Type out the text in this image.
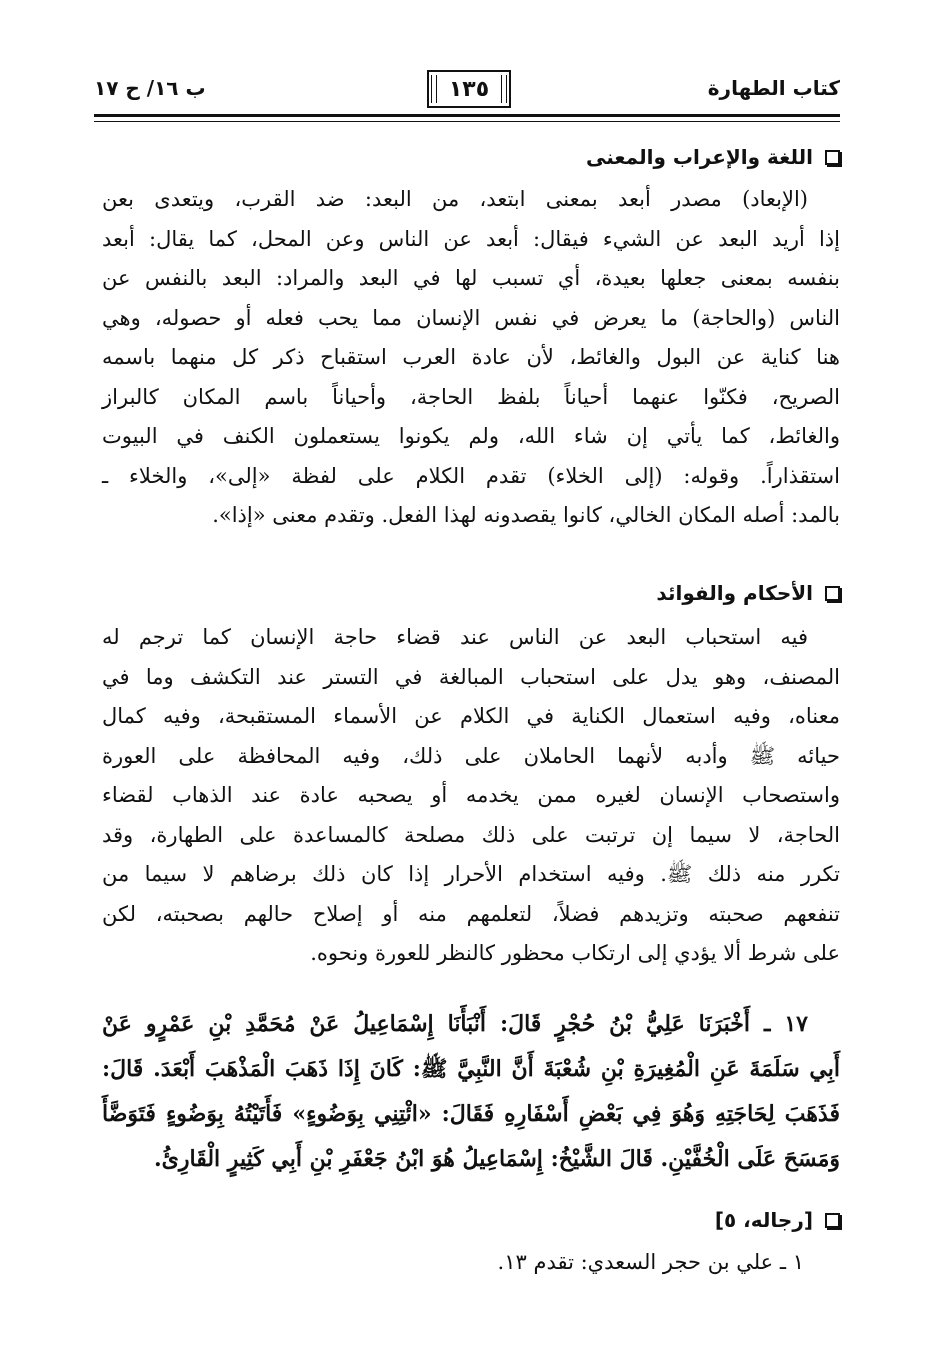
كتاب الطهارة
١٣٥
ب ١٦/ ح ١٧
اللغة والإعراب والمعنى
(الإبعاد) مصدر أبعد بمعنى ابتعد، من البعد: ضد القرب، ويتعدى بعن
إذا أريد البعد عن الشيء فيقال: أبعد عن الناس وعن المحل، كما يقال: أبعد
بنفسه بمعنى جعلها بعيدة، أي تسبب لها في البعد والمراد: البعد بالنفس عن
الناس (والحاجة) ما يعرض في نفس الإنسان مما يحب فعله أو حصوله، وهي
هنا كناية عن البول والغائط، لأن عادة العرب استقباح ذكر كل منهما باسمه
الصريح، فكنّوا عنهما أحياناً بلفظ الحاجة، وأحياناً باسم المكان كالبراز
والغائط، كما يأتي إن شاء الله، ولم يكونوا يستعملون الكنف في البيوت
استقذاراً. وقوله: (إلى الخلاء) تقدم الكلام على لفظة «إلى»، والخلاء ـ
بالمد: أصله المكان الخالي، كانوا يقصدونه لهذا الفعل. وتقدم معنى «إذا».
الأحكام والفوائد
فيه استحباب البعد عن الناس عند قضاء حاجة الإنسان كما ترجم له
المصنف، وهو يدل على استحباب المبالغة في التستر عند التكشف وما في
معناه، وفيه استعمال الكناية في الكلام عن الأسماء المستقبحة، وفيه كمال
حيائه ﷺ وأدبه لأنهما الحاملان على ذلك، وفيه المحافظة على العورة
واستصحاب الإنسان لغيره ممن يخدمه أو يصحبه عادة عند الذهاب لقضاء
الحاجة، لا سيما إن ترتبت على ذلك مصلحة كالمساعدة على الطهارة، وقد
تكرر منه ذلك ﷺ. وفيه استخدام الأحرار إذا كان ذلك برضاهم لا سيما من
تنفعهم صحبته وتزيدهم فضلاً، لتعلمهم منه أو إصلاح حالهم بصحبته، لكن
على شرط ألا يؤدي إلى ارتكاب محظور كالنظر للعورة ونحوه.
١٧ ـ أَخْبَرَنَا عَلِيُّ بْنُ حُجْرٍ قَالَ: أَنْبَأَنَا إِسْمَاعِيلُ عَنْ مُحَمَّدِ بْنِ عَمْرٍو عَنْ
أَبِي سَلَمَةَ عَنِ الْمُغِيرَةِ بْنِ شُعْبَةَ أَنَّ النَّبِيَّ ﷺ: كَانَ إِذَا ذَهَبَ الْمَذْهَبَ أَبْعَدَ. قَالَ:
فَذَهَبَ لِحَاجَتِهِ وَهُوَ فِي بَعْضِ أَسْفَارِهِ فَقَالَ: «ائْتِنِي بِوَضُوءٍ» فَأَتَيْتُهُ بِوَضُوءٍ فَتَوَضَّأَ
وَمَسَحَ عَلَى الْخُفَّيْنِ. قَالَ الشَّيْخُ: إِسْمَاعِيلُ هُوَ ابْنُ جَعْفَرِ بْنِ أَبِي كَثِيرٍ الْقَارِئُ.
[رجاله، ٥]
١ ـ علي بن حجر السعدي: تقدم ١٣.
